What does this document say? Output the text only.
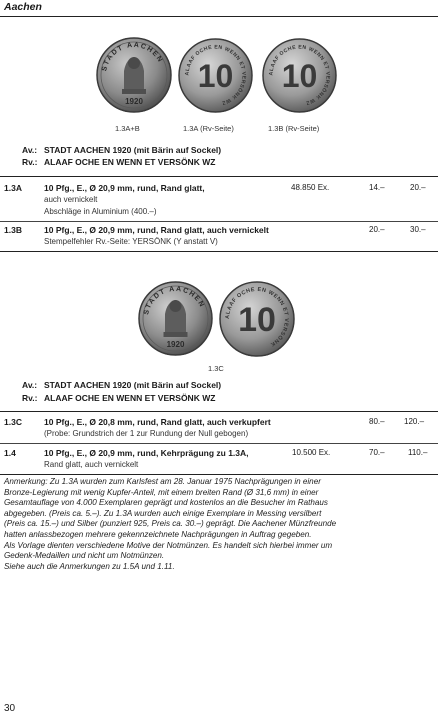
Aachen
STADT AACHEN
1920
ALAAF OCHE EN WENN ET VERSÖNK WZ
10	ALAAF OCHE EN WENN ET VERSÖNK WZ
10
1.3A+B	1.3A (Rv-Seite)	1.3B (Rv-Seite)
Av.: STADT AACHEN 1920 (mit Bärin auf Sockel)
Rv.: ALAAF OCHE EN WENN ET VERSÖNK WZ
1.3A	10 Pfg., E., Ø 20,9 mm, rund, Rand glatt,	48.850 Ex.	14.–	20.–
auch vernickelt
Abschläge in Aluminium (400.–)
1.3B	10 Pfg., E., Ø 20,9 mm, rund, Rand glatt, auch vernickelt	20.–	30.–
Stempelfehler Rv.-Seite: YERSÖNK (Y anstatt V)
STADT AACHEN
1920
ALAAF OCHE EN WENN ET VERSÖNK
10
1.3C
Av.: STADT AACHEN 1920 (mit Bärin auf Sockel)
Rv.: ALAAF OCHE EN WENN ET VERSÖNK WZ
1.3C	10 Pfg., E., Ø 20,8 mm, rund, Rand glatt, auch verkupfert	80.– 120.–
(Probe: Grundstrich der 1 zur Rundung der Null gebogen)
1.4	10 Pfg., E., Ø 20,9 mm, rund, Kehrprägung zu 1.3A,	10.500 Ex.	70.–	110.–
Rand glatt, auch vernickelt
Anmerkung: Zu 1.3A wurden zum Karlsfest am 28. Januar 1975 Nachprägungen in einer
Bronze-Legierung mit wenig Kupfer-Anteil, mit einem breiten Rand (Ø 31,6 mm) in einer
Gesamtauflage von 4.000 Exemplaren geprägt und kostenlos an die Besucher im Rathaus
abgegeben. (Preis ca. 5.–). Zu 1.3A wurden auch einige Exemplare in Messing versilbert
(Preis ca. 15.–) und Silber (punziert 925, Preis ca. 30.–) geprägt. Die Aachener Münzfreunde
hatten anlassbezogen mehrere gekennzeichnete Nachprägungen in Auftrag gegeben.
Als Vorlage dienten verschiedene Motive der Notmünzen. Es handelt sich hierbei immer um
Gedenk-Medaillen und nicht um Notmünzen.
Siehe auch die Anmerkungen zu 1.5A und 1.11.
30
